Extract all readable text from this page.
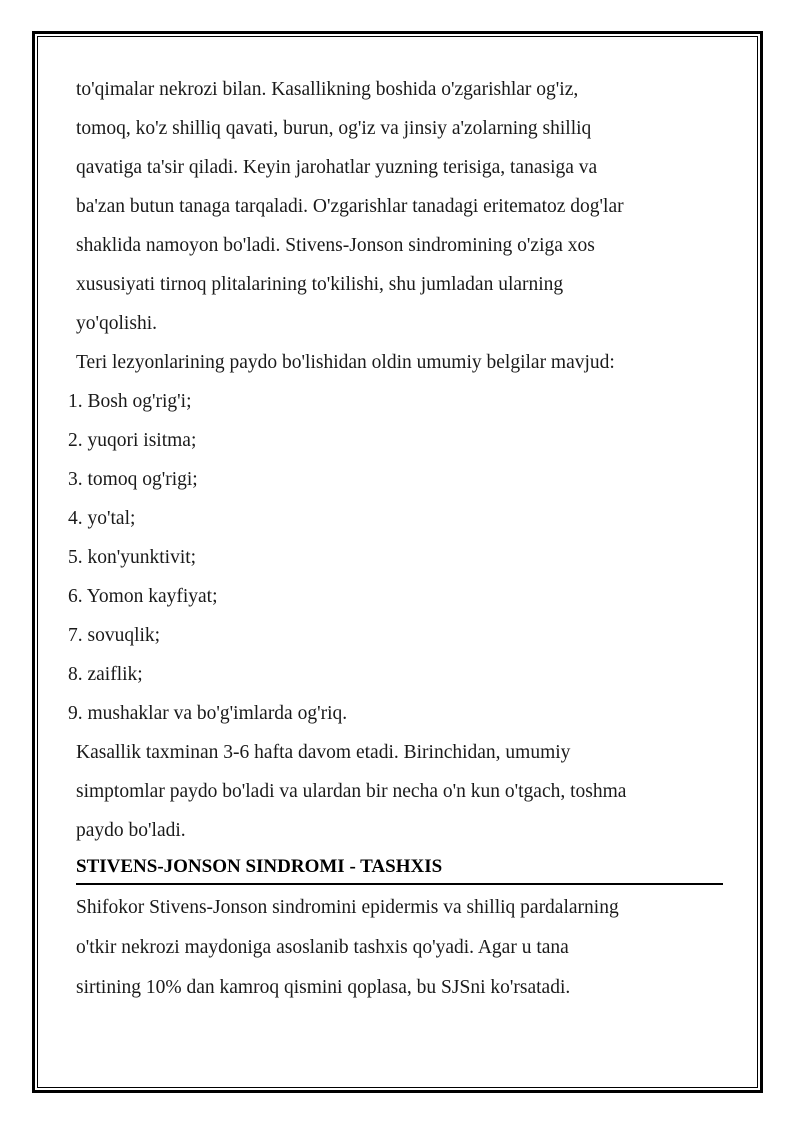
to'qimalar nekrozi bilan. Kasallikning boshida o'zgarishlar og'iz,

tomoq, ko'z shilliq qavati, burun, og'iz va jinsiy a'zolarning shilliq

qavatiga ta'sir qiladi. Keyin jarohatlar yuzning terisiga, tanasiga va

ba'zan butun tanaga tarqaladi. O'zgarishlar tanadagi eritematoz dog'lar

shaklida namoyon bo'ladi. Stivens-Jonson sindromining o'ziga xos

xususiyati tirnoq plitalarining to'kilishi, shu jumladan ularning

yo'qolishi.

Teri lezyonlarining paydo bo'lishidan oldin umumiy belgilar mavjud:

1. Bosh og'rig'i;
2. yuqori isitma;
3. tomoq og'rigi;
4. yo'tal;
5. kon'yunktivit;
6. Yomon kayfiyat;
7. sovuqlik;
8. zaiflik;
9. mushaklar va bo'g'imlarda og'riq.

Kasallik taxminan 3-6 hafta davom etadi. Birinchidan, umumiy

simptomlar paydo bo'ladi va ulardan bir necha o'n kun o'tgach, toshma

paydo bo'ladi.

STIVENS-JONSON SINDROMI - TASHXIS

Shifokor Stivens-Jonson sindromini epidermis va shilliq pardalarning

o'tkir nekrozi maydoniga asoslanib tashxis qo'yadi. Agar u tana

sirtining 10% dan kamroq qismini qoplasa, bu SJSni ko'rsatadi.
